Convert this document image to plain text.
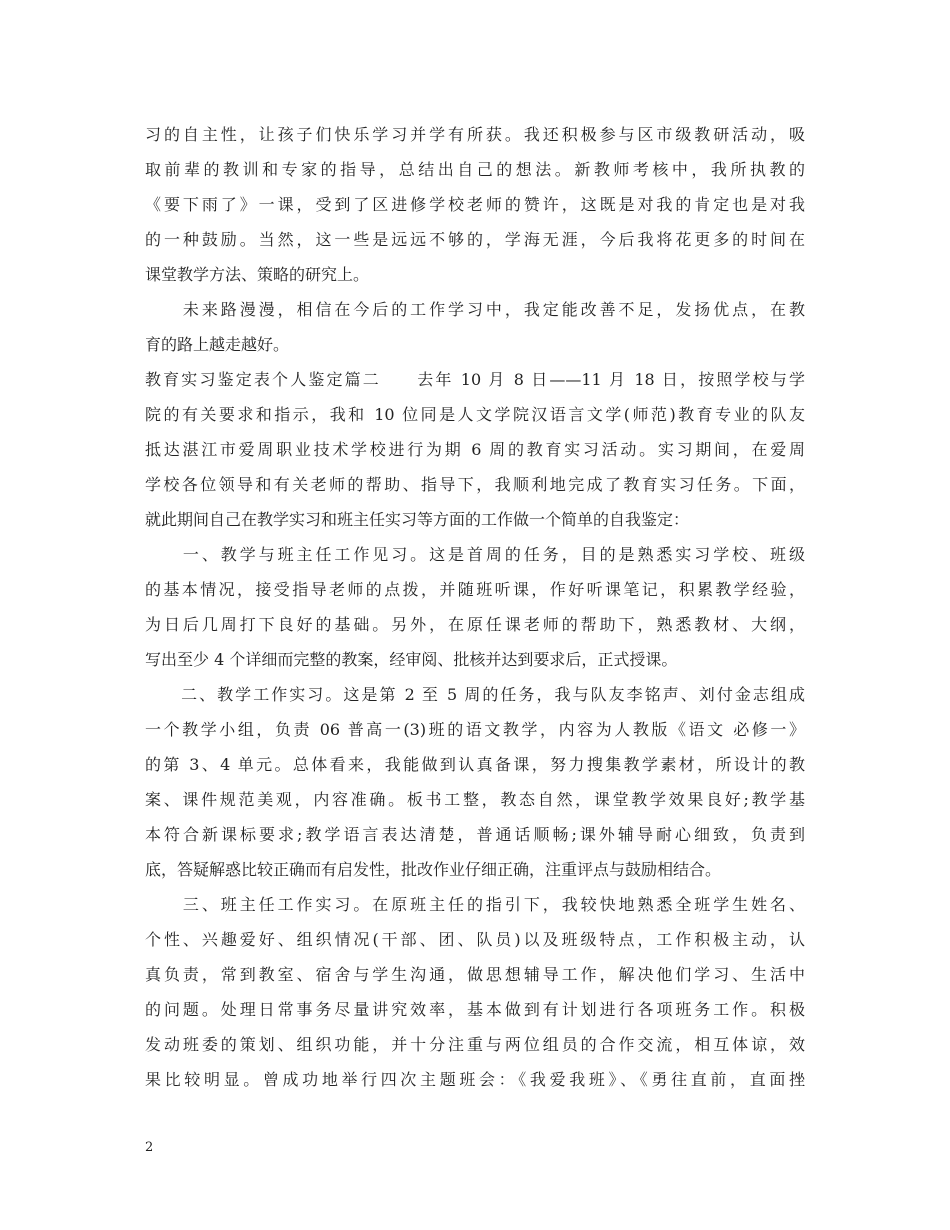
习的自主性，让孩子们快乐学习并学有所获。我还积极参与区市级教研活动，吸
取前辈的教训和专家的指导，总结出自己的想法。新教师考核中，我所执教的
《要下雨了》一课，受到了区进修学校老师的赞许，这既是对我的肯定也是对我
的一种鼓励。当然，这一些是远远不够的，学海无涯，今后我将花更多的时间在
课堂教学方法、策略的研究上。
　　未来路漫漫，相信在今后的工作学习中，我定能改善不足，发扬优点，在教
育的路上越走越好。
教育实习鉴定表个人鉴定篇二　　去年 10 月 8 日——11 月 18 日，按照学校与学
院的有关要求和指示，我和 10 位同是人文学院汉语言文学(师范)教育专业的队友
抵达湛江市爱周职业技术学校进行为期 6 周的教育实习活动。实习期间，在爱周
学校各位领导和有关老师的帮助、指导下，我顺利地完成了教育实习任务。下面，
就此期间自己在教学实习和班主任实习等方面的工作做一个简单的自我鉴定：
　　一、教学与班主任工作见习。这是首周的任务，目的是熟悉实习学校、班级
的基本情况，接受指导老师的点拨，并随班听课，作好听课笔记，积累教学经验，
为日后几周打下良好的基础。另外，在原任课老师的帮助下，熟悉教材、大纲，
写出至少 4 个详细而完整的教案，经审阅、批核并达到要求后，正式授课。
　　二、教学工作实习。这是第 2 至 5 周的任务，我与队友李铭声、刘付金志组成
一个教学小组，负责 06 普高一(3)班的语文教学，内容为人教版《语文 必修一》
的第 3、4 单元。总体看来，我能做到认真备课，努力搜集教学素材，所设计的教
案、课件规范美观，内容准确。板书工整，教态自然，课堂教学效果良好;教学基
本符合新课标要求;教学语言表达清楚，普通话顺畅;课外辅导耐心细致，负责到
底，答疑解惑比较正确而有启发性，批改作业仔细正确，注重评点与鼓励相结合。
　　三、班主任工作实习。在原班主任的指引下，我较快地熟悉全班学生姓名、
个性、兴趣爱好、组织情况(干部、团、队员)以及班级特点，工作积极主动，认
真负责，常到教室、宿舍与学生沟通，做思想辅导工作，解决他们学习、生活中
的问题。处理日常事务尽量讲究效率，基本做到有计划进行各项班务工作。积极
发动班委的策划、组织功能，并十分注重与两位组员的合作交流，相互体谅，效
果比较明显。曾成功地举行四次主题班会：《我爱我班》、《勇往直前，直面挫
2
